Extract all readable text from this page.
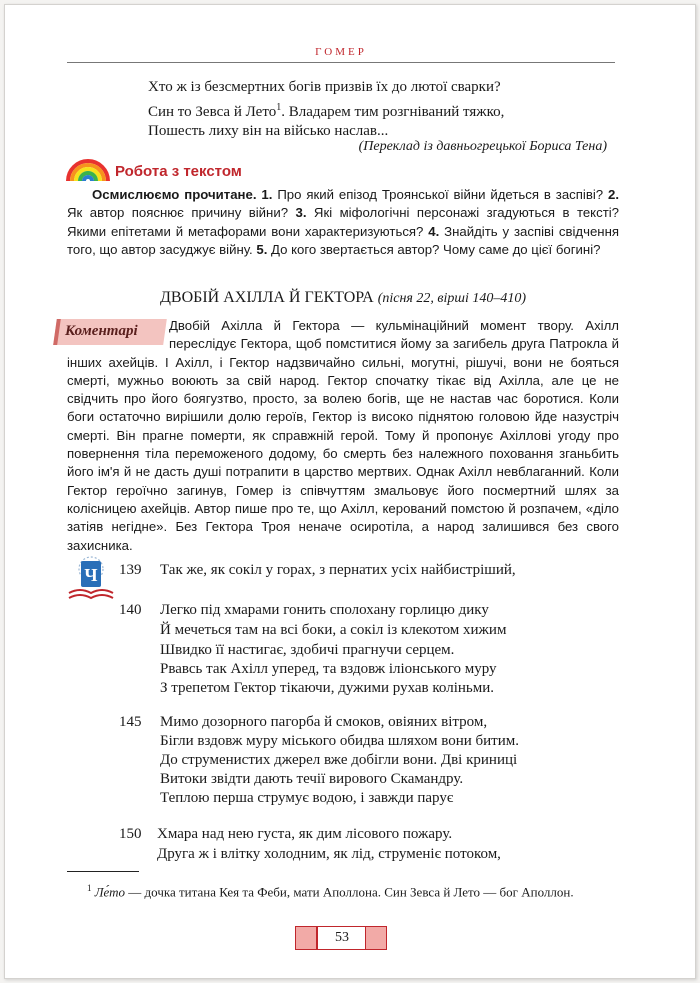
ГОМЕР
Хто ж із безсмертних богів призвів їх до лютої сварки?
Син то Зевса й Лето$^1$. Владарем тим розгніваний тяжко,
Пошесть лиху він на військо наслав...
(Переклад із давньогрецької Бориса Тена)
Робота з текстом
Осмислюємо прочитане. 1. Про який епізод Троянської війни йдеться в заспіві? 2. Як автор пояснює причину війни? 3. Які міфологічні персонажі згадуються в тексті? Якими епітетами й метафорами вони характеризуються? 4. Знайдіть у заспіві свідчення того, що автор засуджує війну. 5. До кого звертається автор? Чому саме до цієї богині?
ДВОБІЙ АХІЛЛА Й ГЕКТОРА (пісня 22, вірші 140–410)
Коментарі Двобій Ахілла й Гектора — кульмінаційний момент твору. Ахілл переслідує Гектора, щоб помститися йому за загибель друга Патрокла й інших ахейців. І Ахілл, і Гектор надзвичайно сильні, могутні, рішучі, вони не бояться смерті, мужньо воюють за свій народ. Гектор спочатку тікає від Ахілла, але це не свідчить про його боягузтво, просто, за волею богів, ще не настав час боротися. Коли боги остаточно вирішили долю героїв, Гектор із високо піднятою головою йде назустріч смерті. Він прагне померти, як справжній герой. Тому й пропонує Ахіллові угоду про повернення тіла переможеного додому, бо смерть без належного поховання зганьбить його ім'я й не дасть душі потрапити в царство мертвих. Однак Ахілл невблаганний. Коли Гектор героїчно загинув, Гомер із співчуттям змальовує його посмертний шлях за колісницею ахейців. Автор пише про те, що Ахілл, керований помстою й розпачем, «діло затіяв негідне». Без Гектора Троя неначе осиротіла, а народ залишився без свого захисника.
Ч 139 Так же, як сокіл у горах, з пернатих усіх найбистріший,
140 Легко під хмарами гонить сполохану горлицю дику
Й мечеться там на всі боки, а сокіл із клекотом хижим
Швидко її настигає, здобичі прагнучи серцем.
Рвавсь так Ахілл уперед, та вздовж іліонського муру
З трепетом Гектор тікаючи, дужими рухав коліньми.
145 Мимо дозорного пагорба й смоков, овіяних вітром,
Бігли вздовж муру міського обидва шляхом вони битим.
До струменистих джерел вже добігли вони. Дві криниці
Витоки звідти дають течії вирового Скамандру.
Теплою перша струмує водою, і завжди парує
150 Хмара над нею густа, як дим лісового пожару.
Друга ж і влітку холодним, як лід, струменіє потоком,
$^1$ Ле́то — дочка титана Кея та Феби, мати Аполлона. Син Зевса й Лето — бог Аполлон.
53
